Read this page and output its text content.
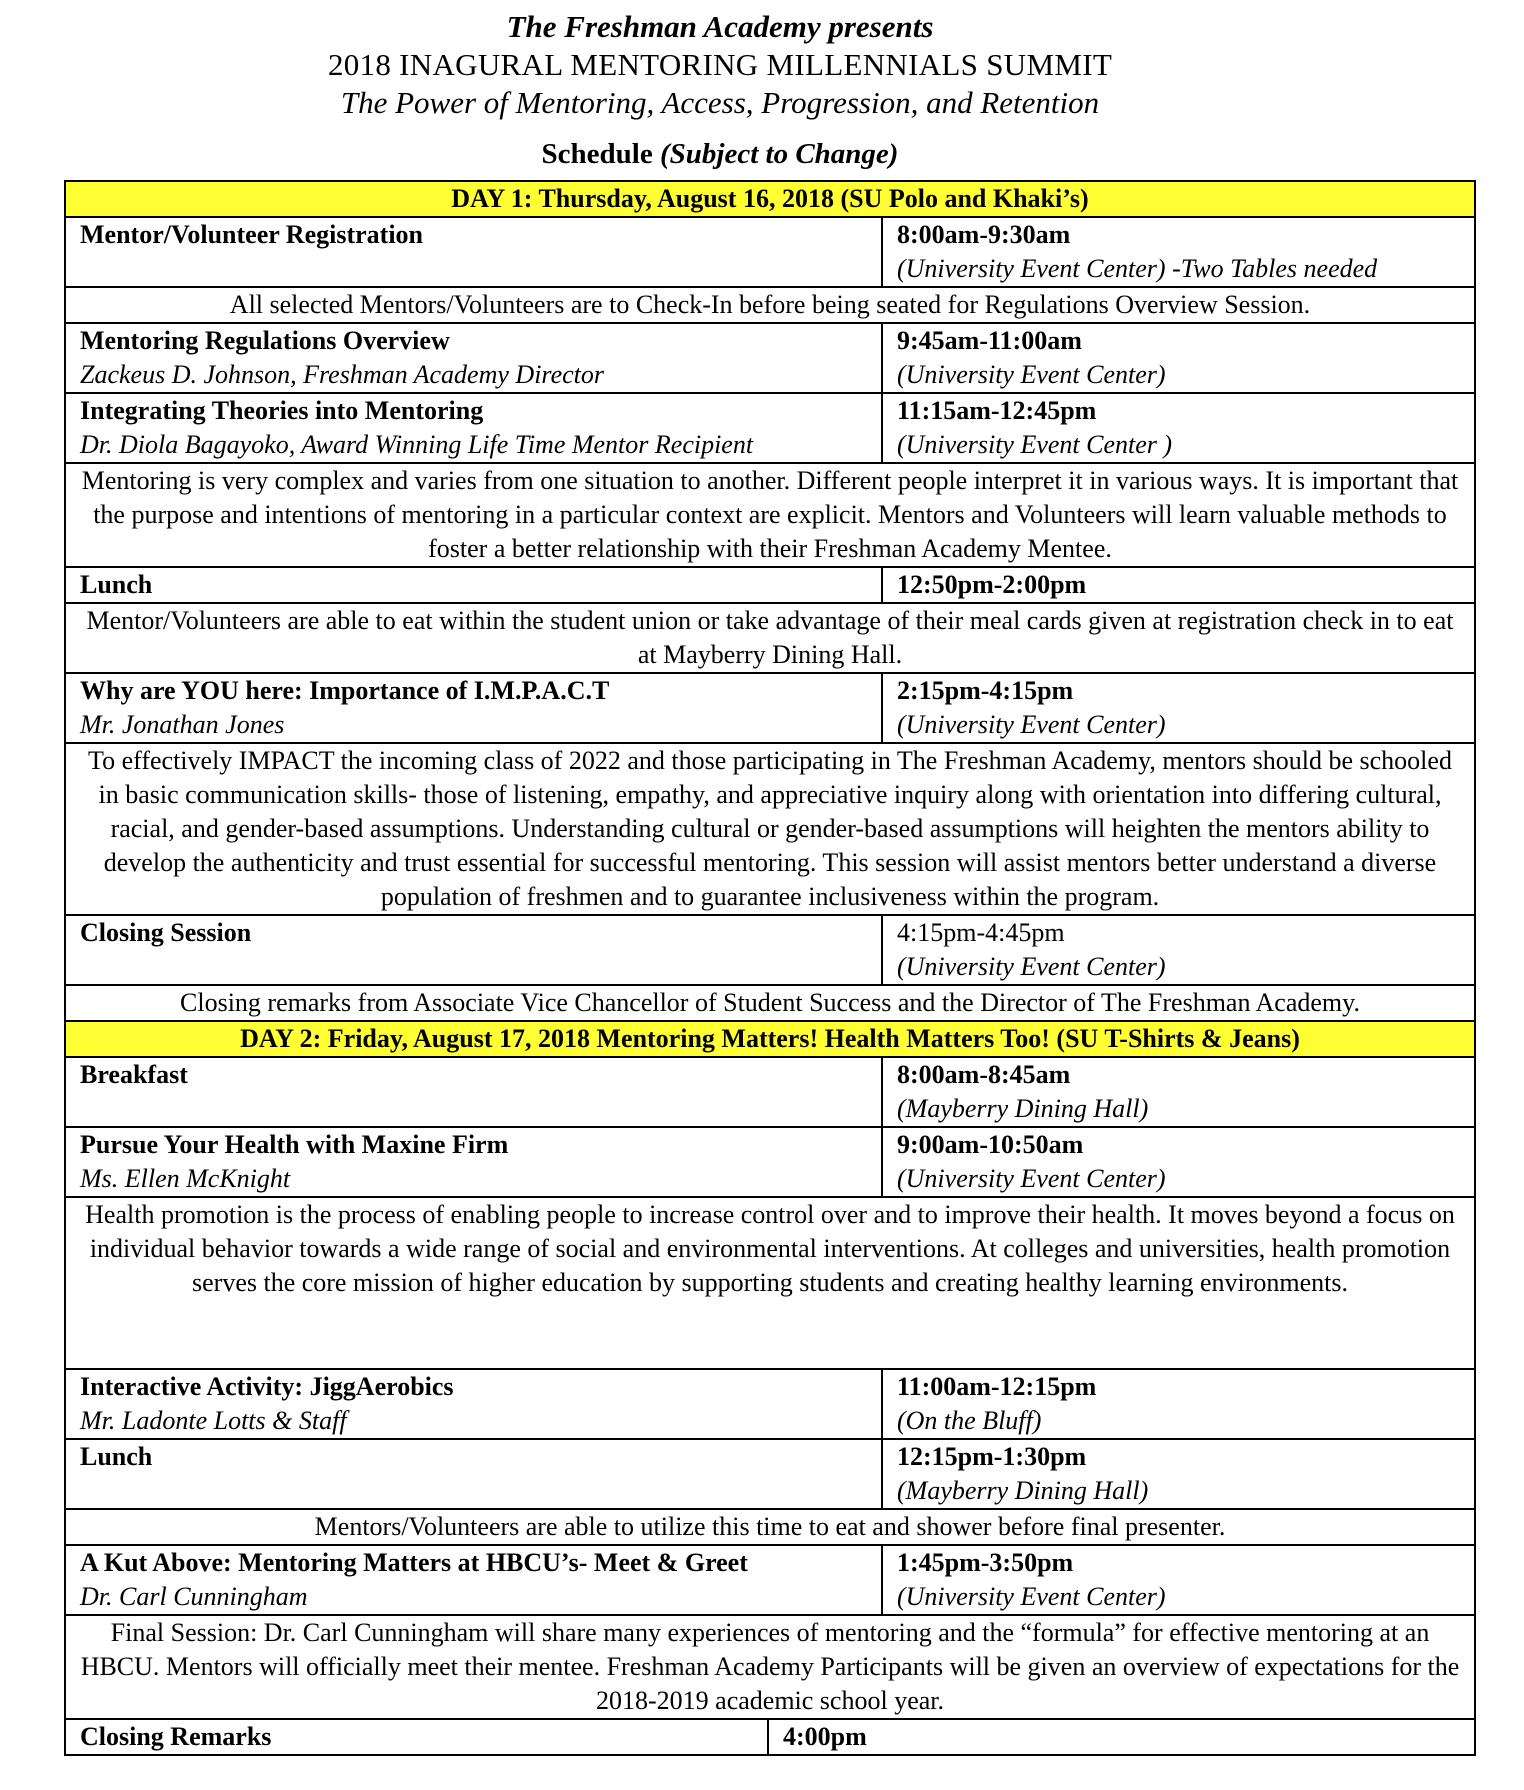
The Freshman Academy presents
2018 INAGURAL MENTORING MILLENNIALS SUMMIT
The Power of Mentoring, Access, Progression, and Retention
Schedule (Subject to Change)
DAY 1: Thursday, August 16, 2018 (SU Polo and Khaki’s)	

Mentor/Volunteer Registration	8:00am-9:30am
(University Event Center) -Two Tables needed

All selected Mentors/Volunteers are to Check-In before being seated for Regulations Overview Session.	

Mentoring Regulations Overview
Zackeus D. Johnson, Freshman Academy Director	9:45am-11:00am
(University Event Center)

Integrating Theories into Mentoring
Dr. Diola Bagayoko, Award Winning Life Time Mentor Recipient	11:15am-12:45pm
(University Event Center )

Mentoring is very complex and varies from one situation to another. Different people interpret it in various ways. It is important that the purpose and intentions of mentoring in a particular context are explicit. Mentors and Volunteers will learn valuable methods to foster a better relationship with their Freshman Academy Mentee.	

Lunch	12:50pm-2:00pm

Mentor/Volunteers are able to eat within the student union or take advantage of their meal cards given at registration check in to eat at Mayberry Dining Hall.	

Why are YOU here: Importance of I.M.P.A.C.T
Mr. Jonathan Jones	2:15pm-4:15pm
(University Event Center)

To effectively IMPACT the incoming class of 2022 and those participating in The Freshman Academy, mentors should be schooled in basic communication skills- those of listening, empathy, and appreciative inquiry along with orientation into differing cultural, racial, and gender-based assumptions. Understanding cultural or gender-based assumptions will heighten the mentors ability to develop the authenticity and trust essential for successful mentoring. This session will assist mentors better understand a diverse population of freshmen and to guarantee inclusiveness within the program.	

Closing Session	4:15pm-4:45pm
(University Event Center)

Closing remarks from Associate Vice Chancellor of Student Success and the Director of The Freshman Academy.	
DAY 2: Friday, August 17, 2018 Mentoring Matters! Health Matters Too! (SU T-Shirts & Jeans)	

Breakfast	8:00am-8:45am
(Mayberry Dining Hall)

Pursue Your Health with Maxine Firm
Ms. Ellen McKnight	9:00am-10:50am
(University Event Center)

Health promotion is the process of enabling people to increase control over and to improve their health. It moves beyond a focus on individual behavior towards a wide range of social and environmental interventions. At colleges and universities, health promotion serves the core mission of higher education by supporting students and creating healthy learning environments.	

Interactive Activity: JiggAerobics
Mr. Ladonte Lotts & Staff	11:00am-12:15pm
(On the Bluff)

Lunch	12:15pm-1:30pm
(Mayberry Dining Hall)

Mentors/Volunteers are able to utilize this time to eat and shower before final presenter.	

A Kut Above: Mentoring Matters at HBCU’s- Meet & Greet
Dr. Carl Cunningham	1:45pm-3:50pm
(University Event Center)

Final Session: Dr. Carl Cunningham will share many experiences of mentoring and the “formula” for effective mentoring at an HBCU. Mentors will officially meet their mentee. Freshman Academy Participants will be given an overview of expectations for the 2018-2019 academic school year.	
Closing Remarks	4:00pm
